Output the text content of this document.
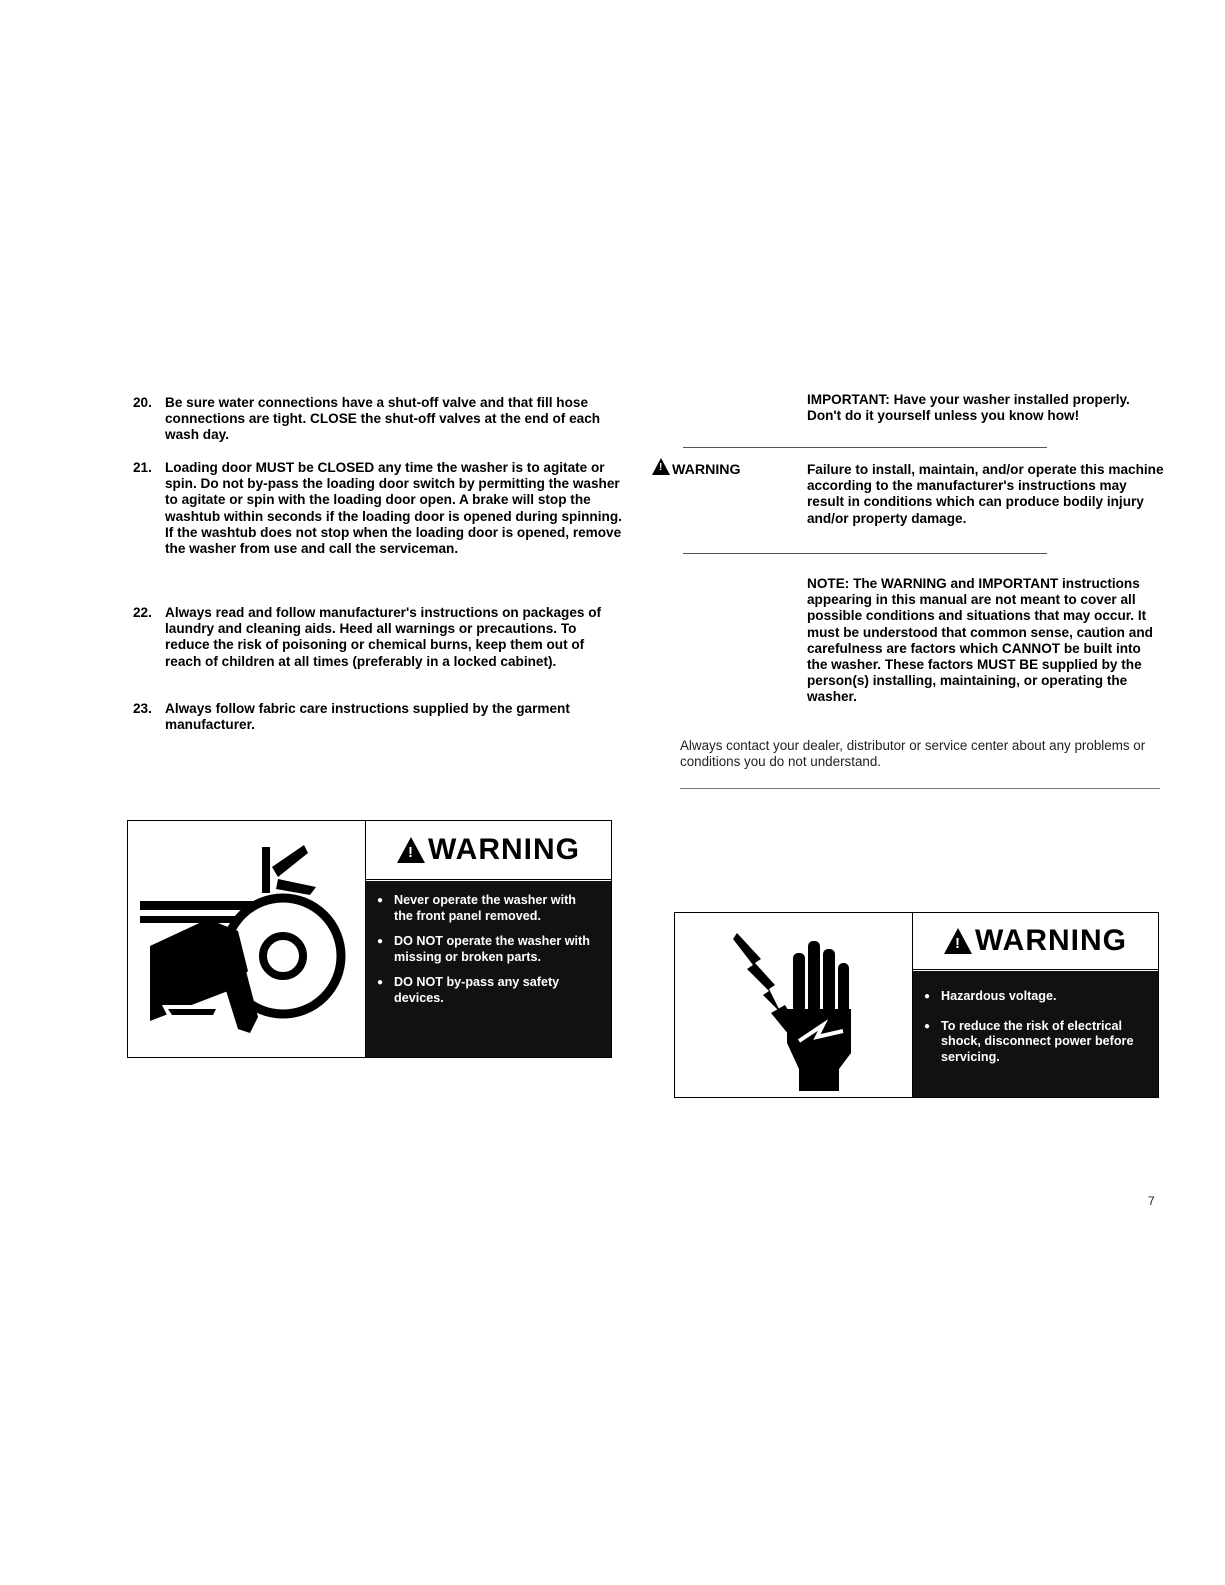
20. Be sure water connections have a shut-off valve and that fill hose connections are tight. CLOSE the shut-off valves at the end of each wash day.
21. Loading door MUST be CLOSED any time the washer is to agitate or spin. Do not by-pass the loading door switch by permitting the washer to agitate or spin with the loading door open. A brake will stop the washtub within seconds if the loading door is opened during spinning. If the washtub does not stop when the loading door is opened, remove the washer from use and call the serviceman.
22. Always read and follow manufacturer's instructions on packages of laundry and cleaning aids. Heed all warnings or precautions. To reduce the risk of poisoning or chemical burns, keep them out of reach of children at all times (preferably in a locked cabinet).
23. Always follow fabric care instructions supplied by the garment manufacturer.
IMPORTANT: Have your washer installed properly. Don't do it yourself unless you know how!
!WARNING	Failure to install, maintain, and/or operate this machine according to the manufacturer's instructions may result in conditions which can produce bodily injury and/or property damage.
NOTE: The WARNING and IMPORTANT instructions appearing in this manual are not meant to cover all possible conditions and situations that may occur. It must be understood that common sense, caution and carefulness are factors which CANNOT be built into the washer. These factors MUST BE supplied by the person(s) installing, maintaining, or operating the washer.
Always contact your dealer, distributor or service center about any problems or conditions you do not understand.
!
WARNING
● Never operate the washer with the front panel removed.
● DO NOT operate the washer with missing or broken parts.
● DO NOT by-pass any safety devices.
!
WARNING
● Hazardous voltage.
● To reduce the risk of electrical shock, disconnect power before servicing.
7
